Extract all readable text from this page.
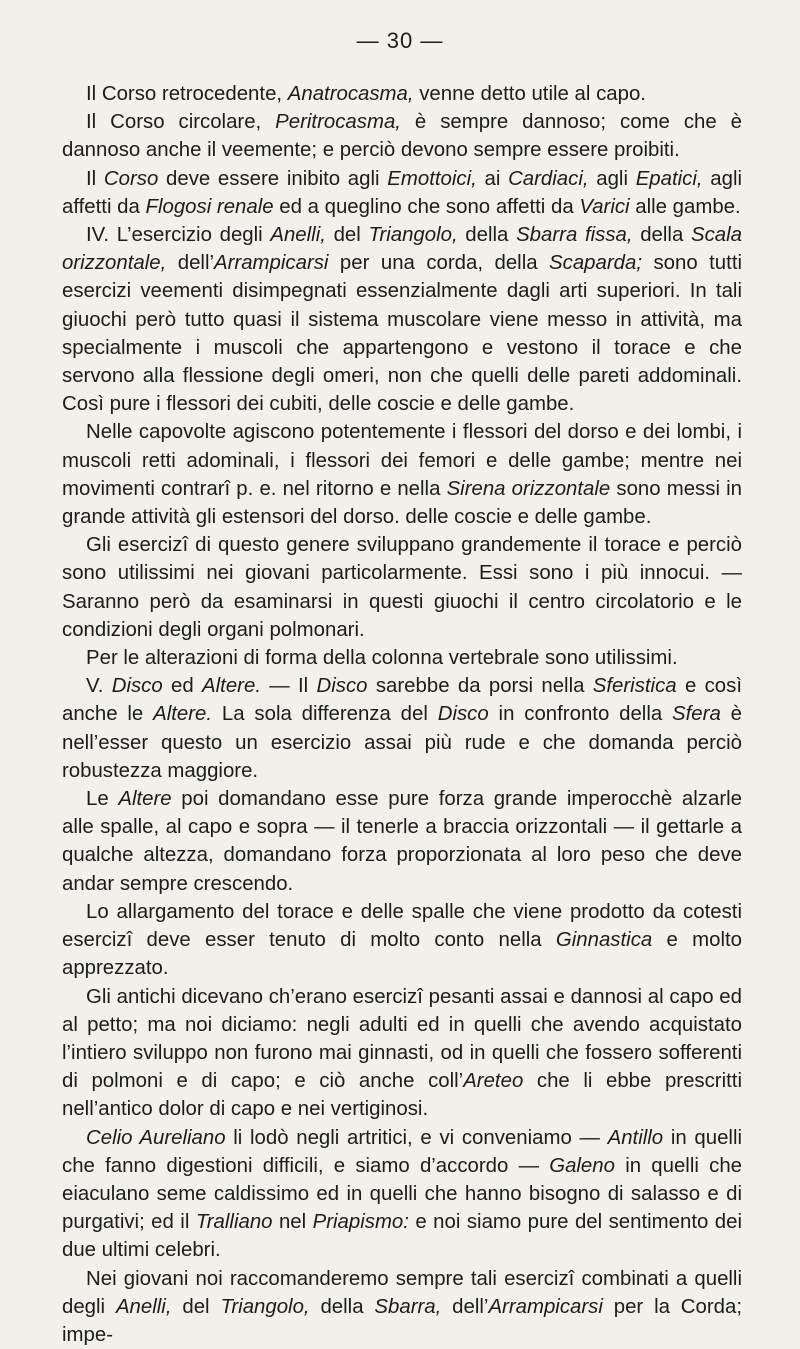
— 30 —

Il Corso retrocedente, Anatrocasma, venne detto utile al capo.

Il Corso circolare, Peritrocasma, è sempre dannoso; come che è dannoso anche il veemente; e perciò devono sempre essere proibiti.

Il Corso deve essere inibito agli Emottoici, ai Cardiaci, agli Epatici, agli affetti da Flogosi renale ed a queglino che sono affetti da Varici alle gambe.

IV. L’esercizio degli Anelli, del Triangolo, della Sbarra fissa, della Scala orizzontale, dell’Arrampicarsi per una corda, della Scaparda; sono tutti esercizi veementi disimpegnati essenzialmente dagli arti superiori. In tali giuochi però tutto quasi il sistema muscolare viene messo in attività, ma specialmente i muscoli che appartengono e vestono il torace e che servono alla flessione degli omeri, non che quelli delle pareti addominali. Così pure i flessori dei cubiti, delle coscie e delle gambe.

Nelle capovolte agiscono potentemente i flessori del dorso e dei lombi, i muscoli retti adominali, i flessori dei femori e delle gambe; mentre nei movimenti contrarî p. e. nel ritorno e nella Sirena orizzontale sono messi in grande attività gli estensori del dorso. delle coscie e delle gambe.

Gli esercizî di questo genere sviluppano grandemente il torace e perciò sono utilissimi nei giovani particolarmente. Essi sono i più innocui. — Saranno però da esaminarsi in questi giuochi il centro circolatorio e le condizioni degli organi polmonari.

Per le alterazioni di forma della colonna vertebrale sono utilissimi.

V. Disco ed Altere. — Il Disco sarebbe da porsi nella Sferistica e così anche le Altere. La sola differenza del Disco in confronto della Sfera è nell’esser questo un esercizio assai più rude e che domanda perciò robustezza maggiore.

Le Altere poi domandano esse pure forza grande imperocchè alzarle alle spalle, al capo e sopra — il tenerle a braccia orizzontali — il gettarle a qualche altezza, domandano forza proporzionata al loro peso che deve andar sempre crescendo.

Lo allargamento del torace e delle spalle che viene prodotto da cotesti esercizî deve esser tenuto di molto conto nella Ginnastica e molto apprezzato.

Gli antichi dicevano ch’erano esercizî pesanti assai e dannosi al capo ed al petto; ma noi diciamo: negli adulti ed in quelli che avendo acquistato l’intiero sviluppo non furono mai ginnasti, od in quelli che fossero sofferenti di polmoni e di capo; e ciò anche coll’Areteo che li ebbe prescritti nell’antico dolor di capo e nei vertiginosi.

Celio Aureliano li lodò negli artritici, e vi conveniamo — Antillo in quelli che fanno digestioni difficili, e siamo d’accordo — Galeno in quelli che eiaculano seme caldissimo ed in quelli che hanno bisogno di salasso e di purgativi; ed il Tralliano nel Priapismo: e noi siamo pure del sentimento dei due ultimi celebri.

Nei giovani noi raccomanderemo sempre tali esercizî combinati a quelli degli Anelli, del Triangolo, della Sbarra, dell’Arrampicarsi per la Corda; impe-
